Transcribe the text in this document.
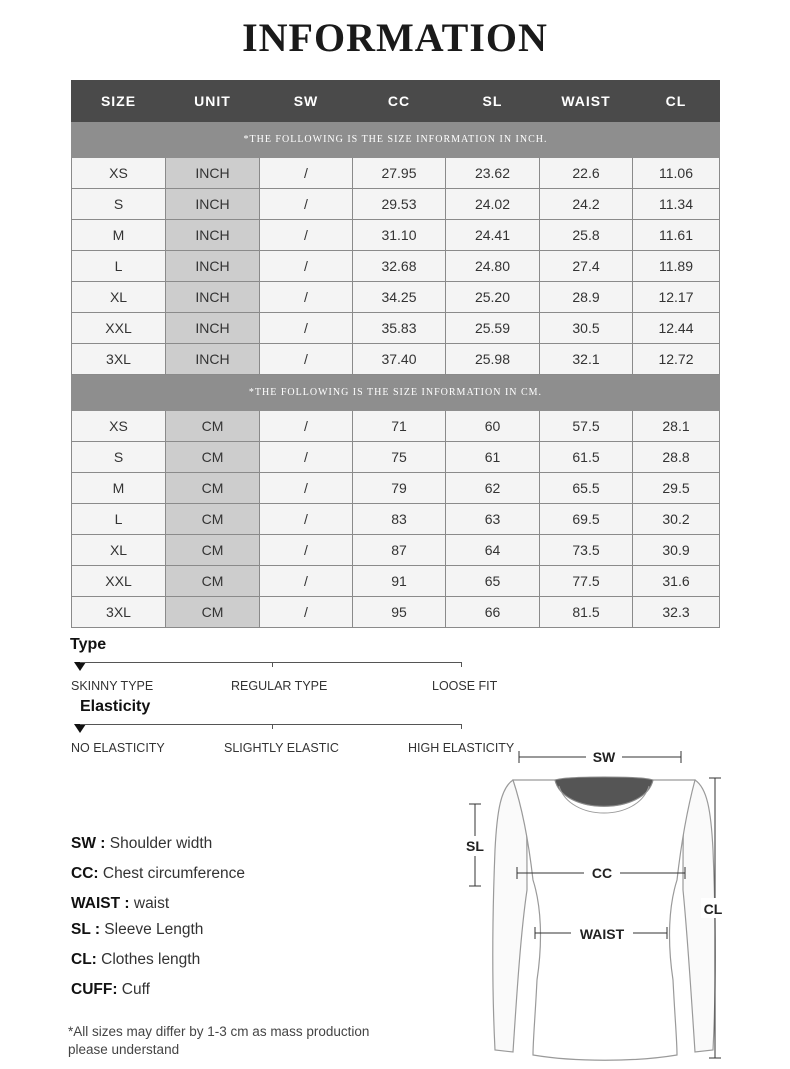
INFORMATION
SIZE	UNIT	SW	CC	SL	WAIST	CL
*THE FOLLOWING IS THE SIZE INFORMATION IN INCH.						
XS	INCH	/	27.95	23.62	22.6	11.06
S	INCH	/	29.53	24.02	24.2	11.34
M	INCH	/	31.10	24.41	25.8	11.61
L	INCH	/	32.68	24.80	27.4	11.89
XL	INCH	/	34.25	25.20	28.9	12.17
XXL	INCH	/	35.83	25.59	30.5	12.44
3XL	INCH	/	37.40	25.98	32.1	12.72
*THE FOLLOWING IS THE SIZE INFORMATION IN CM.						
XS	CM	/	71	60	57.5	28.1
S	CM	/	75	61	61.5	28.8
M	CM	/	79	62	65.5	29.5
L	CM	/	83	63	69.5	30.2
XL	CM	/	87	64	73.5	30.9
XXL	CM	/	91	65	77.5	31.6
3XL	CM	/	95	66	81.5	32.3
Type
SKINNY TYPE	REGULAR TYPE	LOOSE FIT
Elasticity
NO ELASTICITY	SLIGHTLY ELASTIC	HIGH ELASTICITY
SW : Shoulder width
CC: Chest circumference
WAIST : waist
SL : Sleeve Length
CL: Clothes length
CUFF: Cuff
*All sizes may differ by 1-3 cm as mass production
please understand
SW
SL
CC
WAIST
CL
